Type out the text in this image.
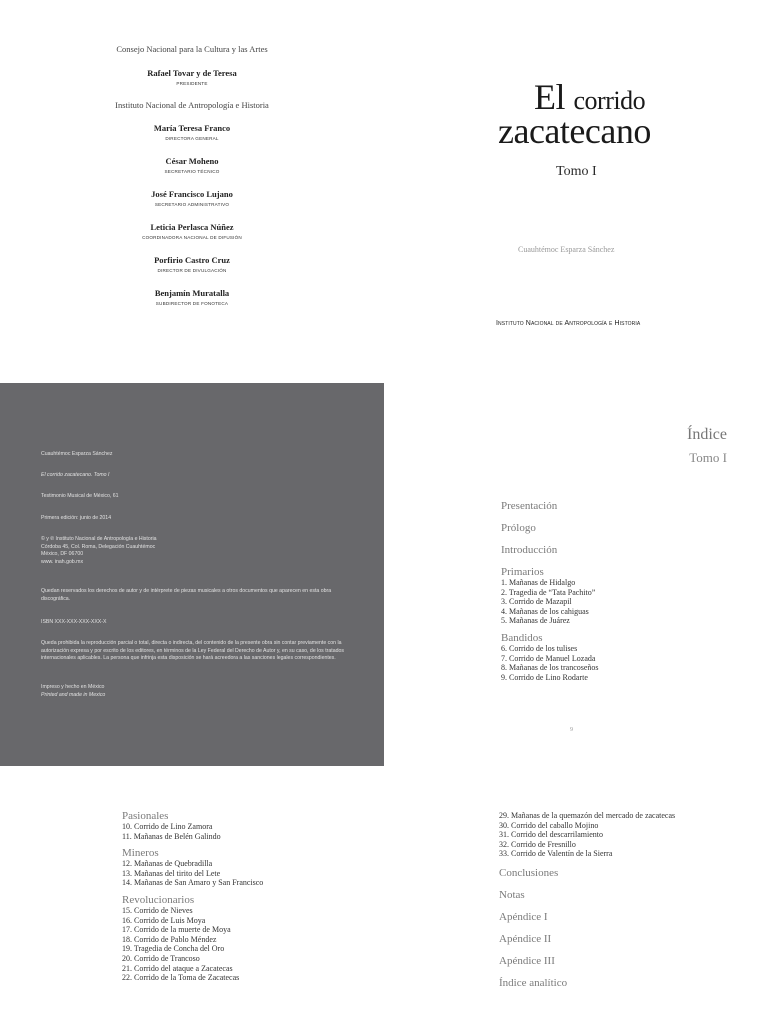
Consejo Nacional para la Cultura y las Artes

Rafael Tovar y de Teresa
PRESIDENTE

Instituto Nacional de Antropología e Historia

María Teresa Franco
DIRECTORA GENERAL
César Moheno
SECRETARIO TÉCNICO
José Francisco Lujano
SECRETARIO ADMINISTRATIVO
Leticia Perlasca Núñez
COORDINADORA NACIONAL DE DIFUSIÓN
Porfirio Castro Cruz
DIRECTOR DE DIVULGACIÓN
Benjamín Muratalla
SUBDIRECTOR DE FONOTECA
El corrido
zacatecano
Tomo I
Cuauhtémoc Esparza Sánchez
Instituto Nacional de Antropología e Historia
Cuauhtémoc Esparza Sánchez
El corrido zacatecano. Tomo I
Testimonio Musical de México, 61
Primera edición: junio de 2014
© y ℗ Instituto Nacional de Antropología e Historia
Córdoba 45, Col. Roma, Delegación Cuauhtémoc
México, DF 06700
www. inah.gob.mx
Quedan reservados los derechos de autor y de intérprete de piezas musicales a otros documentos que aparecen en esta obra discográfica.
ISBN XXX-XXX-XXX-XXX-X
Queda prohibida la reproducción parcial o total, directa o indirecta, del contenido de la presente obra sin contar previamente con la autorización expresa y por escrito de los editores, en términos de la Ley Federal del Derecho de Autor y, en su caso, de los tratados internacionales aplicables. La persona que infrinja esta disposición se hará acreedora a las sanciones legales correspondientes.
Impreso y hecho en México
Printed and made in Mexico
Índice
Tomo I
Presentación
Prólogo
Introducción
Primarios
1. Mañanas de Hidalgo
2. Tragedia de “Tata Pachito”
3. Corrido de Mazapil
4. Mañanas de los cahiguas
5. Mañanas de Juárez
Bandidos
6. Corrido de los tulises
7. Corrido de Manuel Lozada
8. Mañanas de los trancoseños
9. Corrido de Lino Rodarte
9
Pasionales
10. Corrido de Lino Zamora
11. Mañanas de Belén Galindo
Mineros
12. Mañanas de Quebradilla
13. Mañanas del tirito del Lete
14. Mañanas de San Amaro y San Francisco
Revolucionarios
15. Corrido de Nieves
16. Corrido de Luis Moya
17. Corrido de la muerte de Moya
18. Corrido de Pablo Méndez
19. Tragedia de Concha del Oro
20. Corrido de Trancoso
21. Corrido del ataque a Zacatecas
22. Corrido de la Toma de Zacatecas
29. Mañanas de la quemazón del mercado de zacatecas
30. Corrido del caballo Mojino
31. Corrido del descarrilamiento
32. Corrido de Fresnillo
33. Corrido de Valentín de la Sierra
Conclusiones
Notas
Apéndice I
Apéndice II
Apéndice III
Índice analítico
